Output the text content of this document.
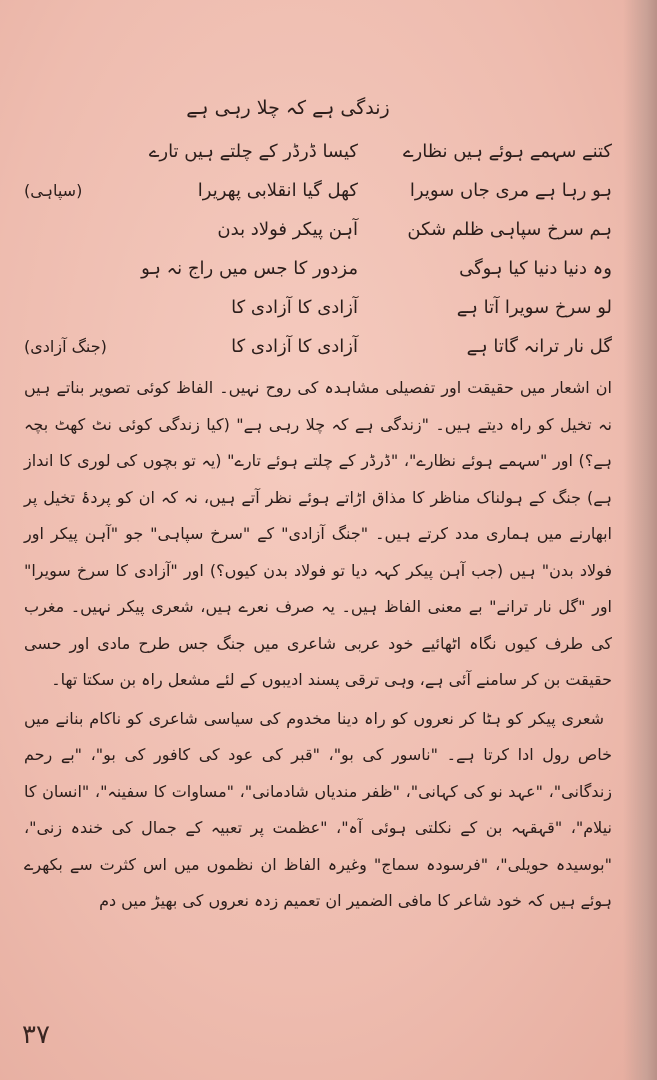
زندگی ہے کہ چلا رہی ہے
کتنے سہمے ہوئے ہیں نظارے
کیسا ڈرڈر کے چلتے ہیں تارے
ہو رہا ہے مری جاں سویرا
کھل گیا انقلابی پھریرا
(سپاہی)
ہم سرخ سپاہی ظلم شکن
آہن پیکر فولاد بدن
وہ دنیا دنیا کیا ہوگی
مزدور کا جس میں راج نہ ہو
لو سرخ سویرا آتا ہے
آزادی کا آزادی کا
گل نار ترانہ گاتا ہے
آزادی کا آزادی کا
(جنگ آزادی)

ان اشعار میں حقیقت اور تفصیلی مشاہدہ کی روح نہیں۔ الفاظ کوئی تصویر بناتے ہیں نہ تخیل کو راہ دیتے ہیں۔ "زندگی ہے کہ چلا رہی ہے" (کیا زندگی کوئی نٹ کھٹ بچہ ہے؟) اور "سہمے ہوئے نظارے"، "ڈرڈر کے چلتے ہوئے تارے" (یہ تو بچوں کی لوری کا انداز ہے) جنگ کے ہولناک مناظر کا مذاق اڑاتے ہوئے نظر آتے ہیں، نہ کہ ان کو پردۂ تخیل پر ابھارنے میں ہماری مدد کرتے ہیں۔ "جنگ آزادی" کے "سرخ سپاہی" جو "آہن پیکر اور فولاد بدن" ہیں (جب آہن پیکر کہہ دیا تو فولاد بدن کیوں؟) اور "آزادی کا سرخ سویرا" اور "گل نار ترانے" بے معنی الفاظ ہیں۔ یہ صرف نعرے ہیں، شعری پیکر نہیں۔ مغرب کی طرف کیوں نگاہ اٹھائیے خود عربی شاعری میں جنگ جس طرح مادی اور حسی حقیقت بن کر سامنے آئی ہے، وہی ترقی پسند ادیبوں کے لئے مشعل راہ بن سکتا تھا۔

شعری پیکر کو ہٹا کر نعروں کو راہ دینا مخدوم کی سیاسی شاعری کو ناکام بنانے میں خاص رول ادا کرتا ہے۔ "ناسور کی بو"، "قبر کی عود کی کافور کی بو"، "بے رحم زندگانی"، "عہد نو کی کہانی"، "ظفر مندیاں شادمانی"، "مساوات کا سفینہ"، "انسان کا نیلام"، "قہقہہ بن کے نکلتی ہوئی آہ"، "عظمت پر تعبیہ کے جمال کی خندہ زنی"، "بوسیدہ حویلی"، "فرسودہ سماج" وغیرہ الفاظ ان نظموں میں اس کثرت سے بکھرے ہوئے ہیں کہ خود شاعر کا مافی الضمیر ان تعمیم زدہ نعروں کی بھیڑ میں دم

۳۷
